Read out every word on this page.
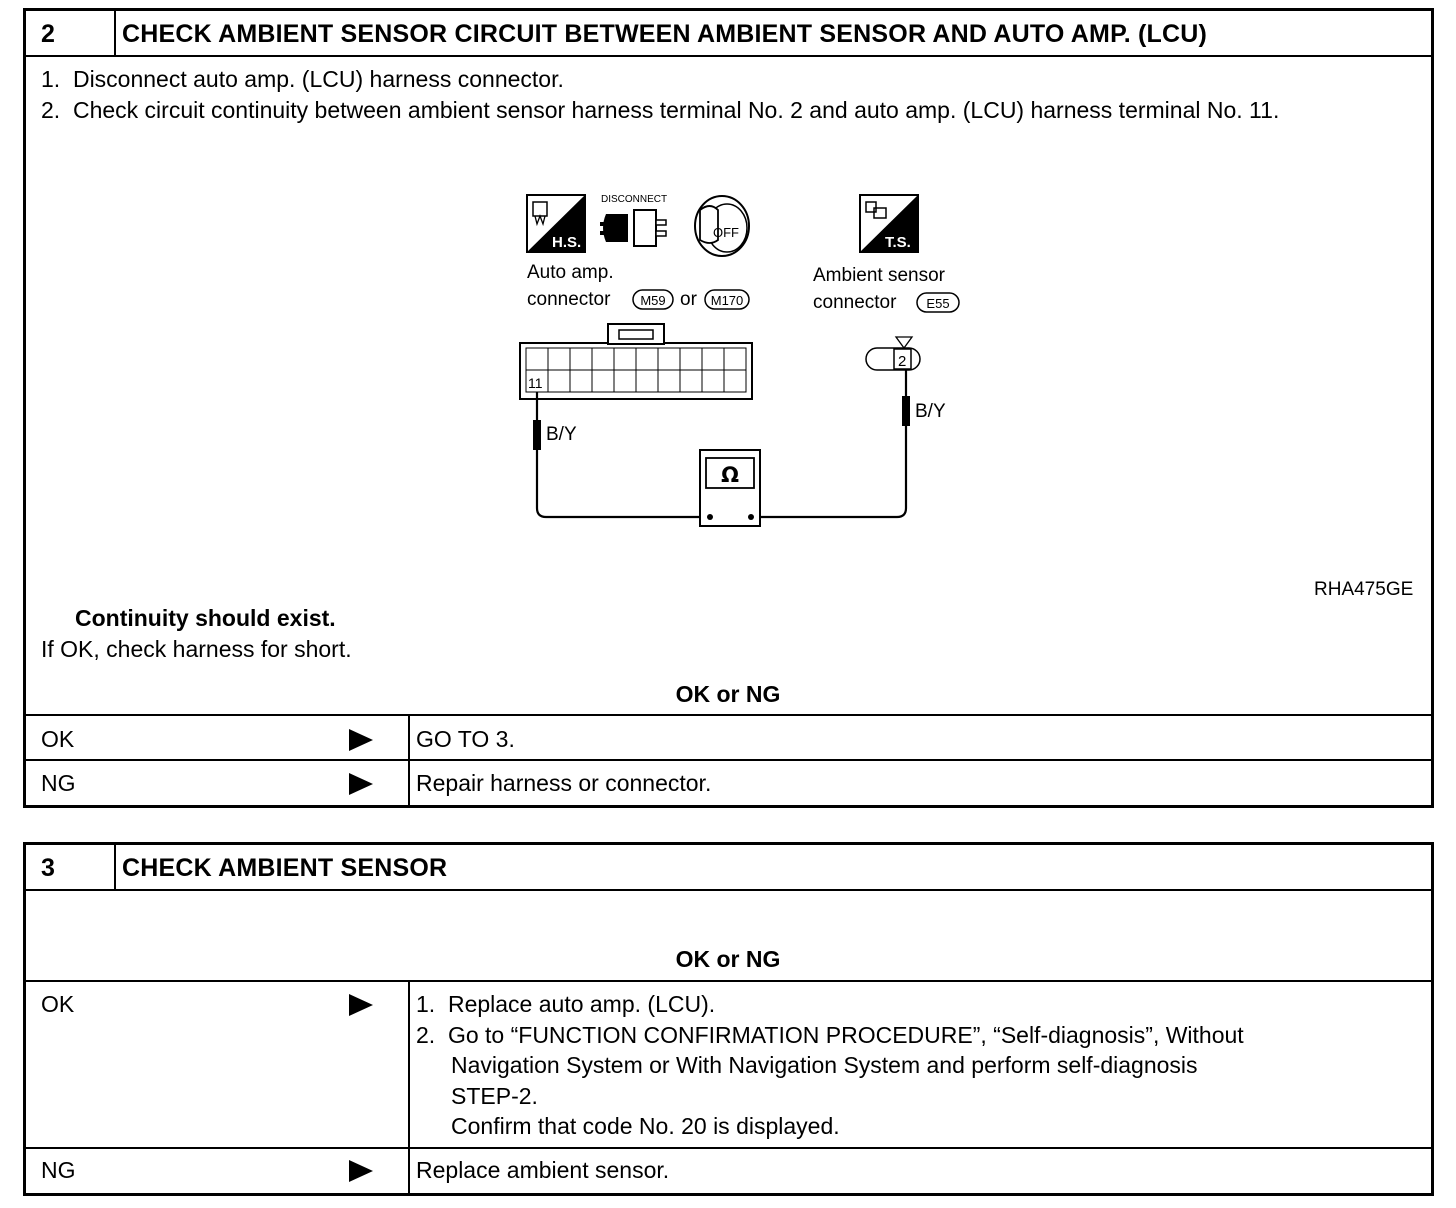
2	CHECK AMBIENT SENSOR CIRCUIT BETWEEN AMBIENT SENSOR AND AUTO AMP. (LCU)
1.  Disconnect auto amp. (LCU) harness connector.
2.  Check circuit continuity between ambient sensor harness terminal No. 2 and auto amp. (LCU) harness terminal No. 11.
H.S.
DISCONNECT
OFF
T.S.
Auto amp.
connector M59 or M170
Ambient sensor
connector E55
11
2
B/Y
B/Y
Ω
RHA475GE
Continuity should exist.
If OK, check harness for short.
OK or NG
OK	GO TO 3.
NG	Repair harness or connector.
3	CHECK AMBIENT SENSOR
OK or NG
OK	1.  Replace auto amp. (LCU).
2.  Go to “FUNCTION CONFIRMATION PROCEDURE”, “Self-diagnosis”, Without
Navigation System or With Navigation System and perform self-diagnosis
STEP-2.
Confirm that code No. 20 is displayed.
NG	Replace ambient sensor.
